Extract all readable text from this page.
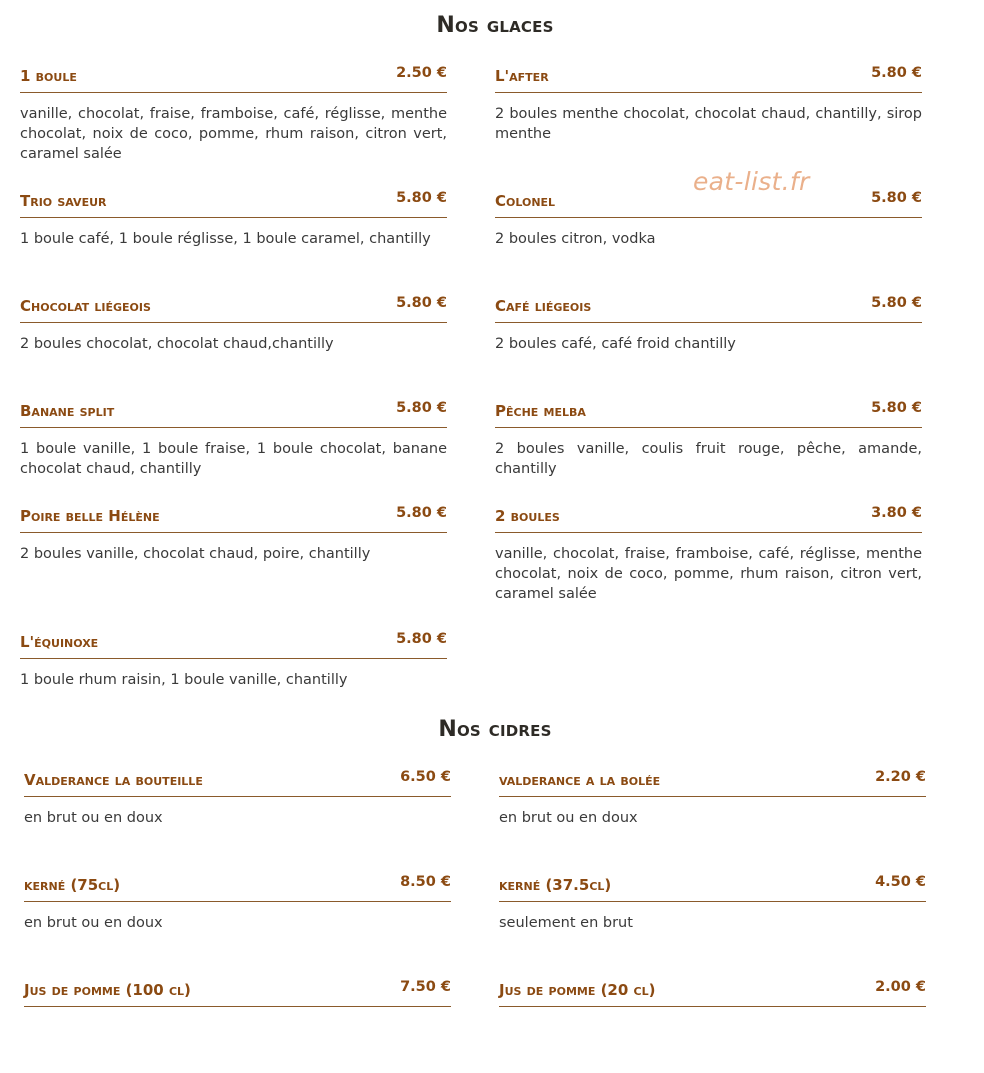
Nos glaces
eat-list.fr
1 boule	2.50 €
vanille, chocolat, fraise, framboise, café, réglisse, menthe chocolat, noix de coco, pomme, rhum raison, citron vert, caramel salée
L'after	5.80 €
2 boules menthe chocolat, chocolat chaud, chantilly, sirop menthe
Trio saveur	5.80 €
1 boule café, 1 boule réglisse, 1 boule caramel, chantilly
Colonel	5.80 €
2 boules citron, vodka
Chocolat liégeois	5.80 €
2 boules chocolat, chocolat chaud,chantilly
Café liégeois	5.80 €
2 boules café, café froid chantilly
Banane split	5.80 €
1 boule vanille, 1 boule fraise, 1 boule chocolat, banane chocolat chaud, chantilly
Pêche melba	5.80 €
2 boules vanille, coulis fruit rouge, pêche, amande, chantilly
Poire belle Hélène	5.80 €
2 boules vanille, chocolat chaud, poire, chantilly
2 boules	3.80 €
vanille, chocolat, fraise, framboise, café, réglisse, menthe chocolat, noix de coco, pomme, rhum raison, citron vert, caramel salée
L'équinoxe	5.80 €
1 boule rhum raisin, 1 boule vanille, chantilly
Nos cidres
Valderance la bouteille	6.50 €
en brut ou en doux
valderance a la bolée	2.20 €
en brut ou en doux
kerné (75cl)	8.50 €
en brut ou en doux
kerné (37.5cl)	4.50 €
seulement en brut
Jus de pomme (100 cl)	7.50 €	Jus de pomme (20 cl)	2.00 €
